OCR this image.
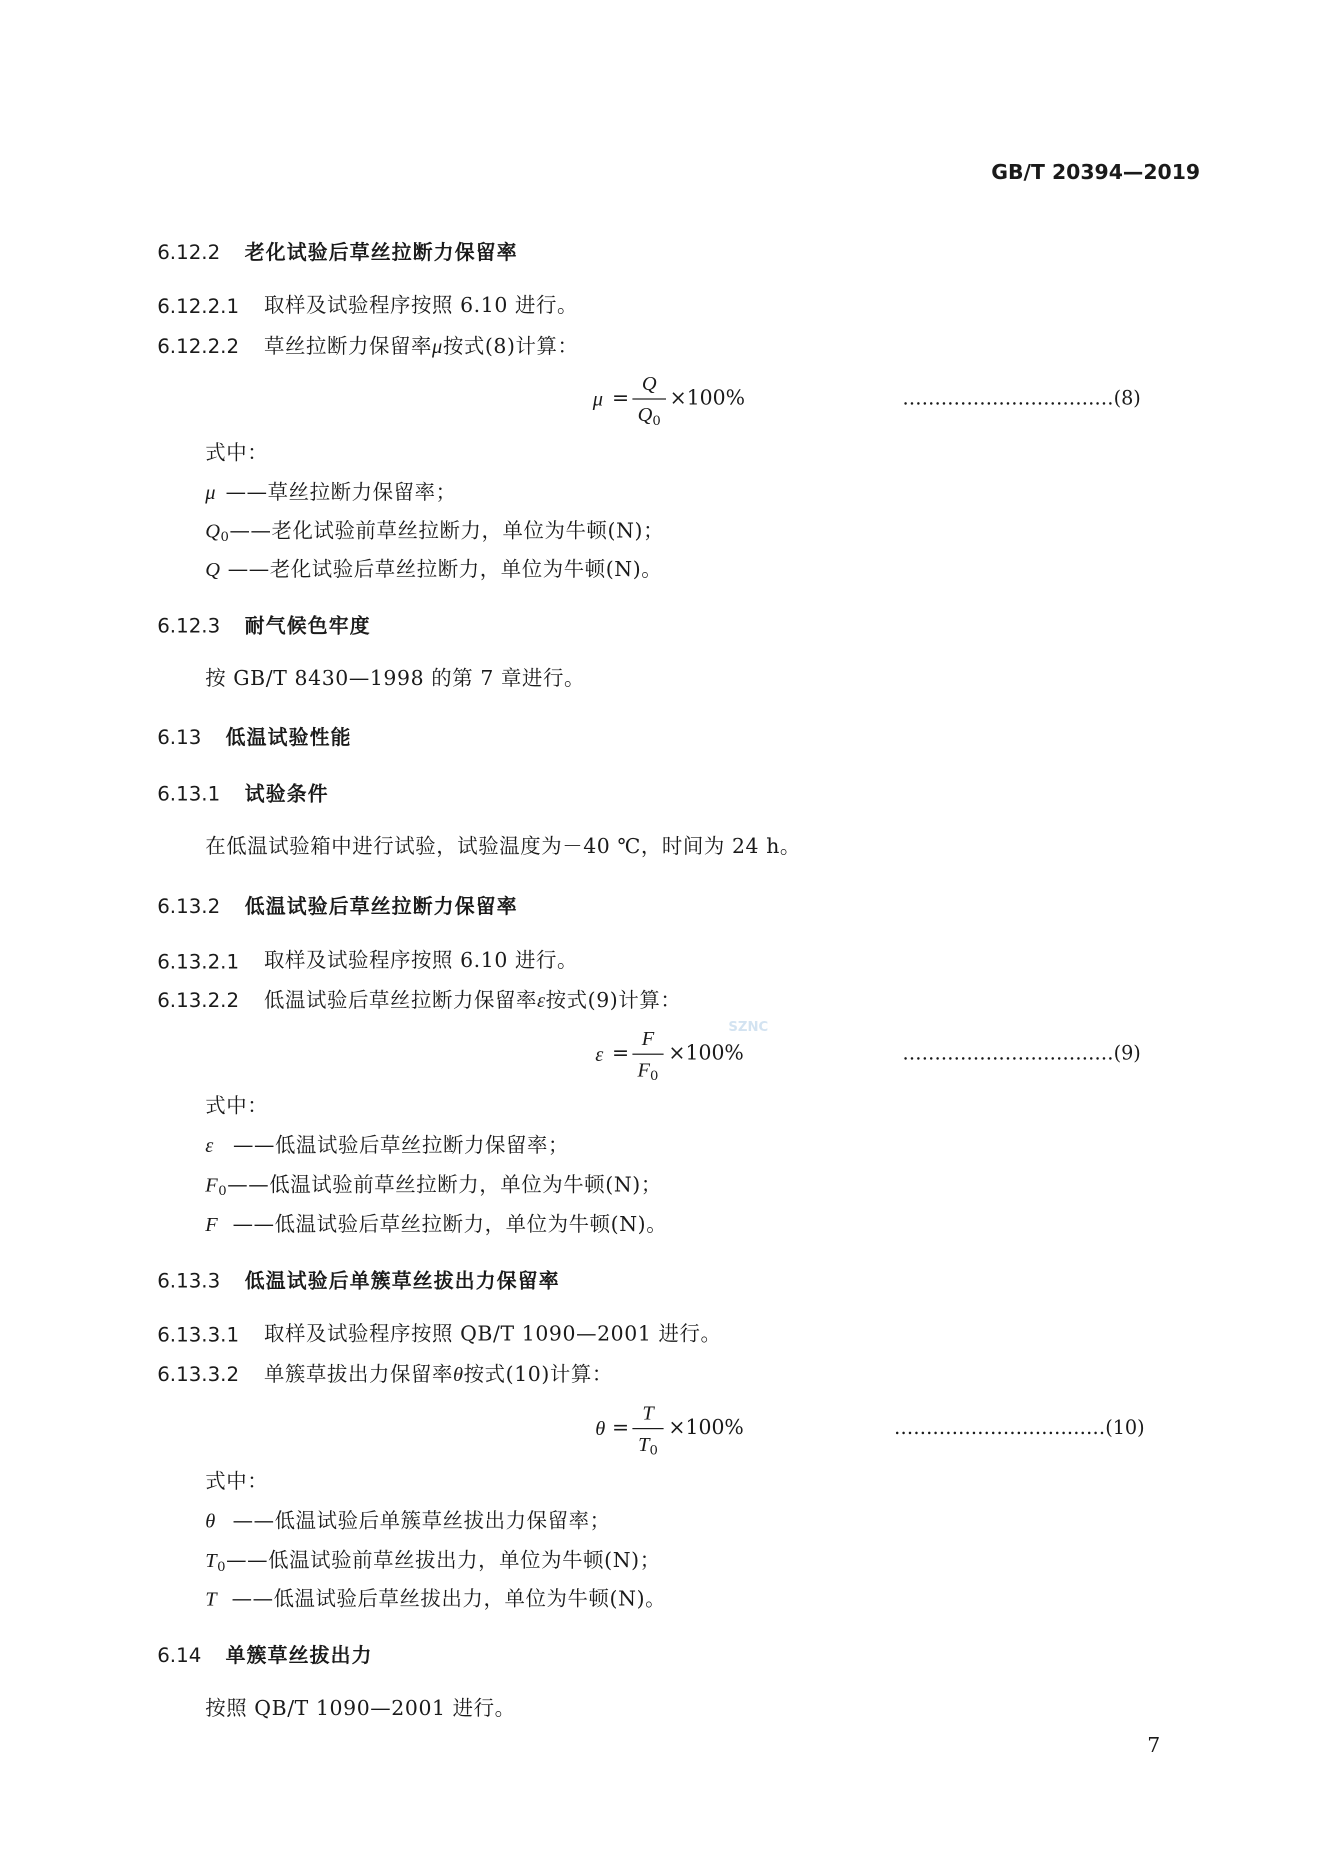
GB/T 20394—2019
6.12.2 老化试验后草丝拉断力保留率
6.12.2.1 取样及试验程序按照 6.10 进行。
6.12.2.2 草丝拉断力保留率μ按式(8)计算：
μ =
Q
$Q_0$
×100%	……………………………(8)
式中：
μ ——草丝拉断力保留率；
$Q_0——$老化试验前草丝拉断力，单位为牛顿(N)；
Q ——老化试验后草丝拉断力，单位为牛顿(N)。
6.12.3 耐气候色牢度
按 GB/T 8430—1998 的第 7 章进行。
6.13 低温试验性能
6.13.1 试验条件
在低温试验箱中进行试验，试验温度为－40 ℃，时间为 24 h。
6.13.2 低温试验后草丝拉断力保留率
6.13.2.1 取样及试验程序按照 6.10 进行。
6.13.2.2 低温试验后草丝拉断力保留率ε按式(9)计算：
SZNC
ε =
F
$F_0$
×100%	……………………………(9)
式中：
ε ——低温试验后草丝拉断力保留率；
$F_0——$低温试验前草丝拉断力，单位为牛顿(N)；
F ——低温试验后草丝拉断力，单位为牛顿(N)。
6.13.3 低温试验后单簇草丝拔出力保留率
6.13.3.1 取样及试验程序按照 QB/T 1090—2001 进行。
6.13.3.2 单簇草拔出力保留率θ按式(10)计算：
θ =
T
$T_0$
×100%	……………………………(10)
式中：
θ ——低温试验后单簇草丝拔出力保留率；
$T_0——$低温试验前草丝拔出力，单位为牛顿(N)；
T ——低温试验后草丝拔出力，单位为牛顿(N)。
6.14 单簇草丝拔出力
按照 QB/T 1090—2001 进行。
7
